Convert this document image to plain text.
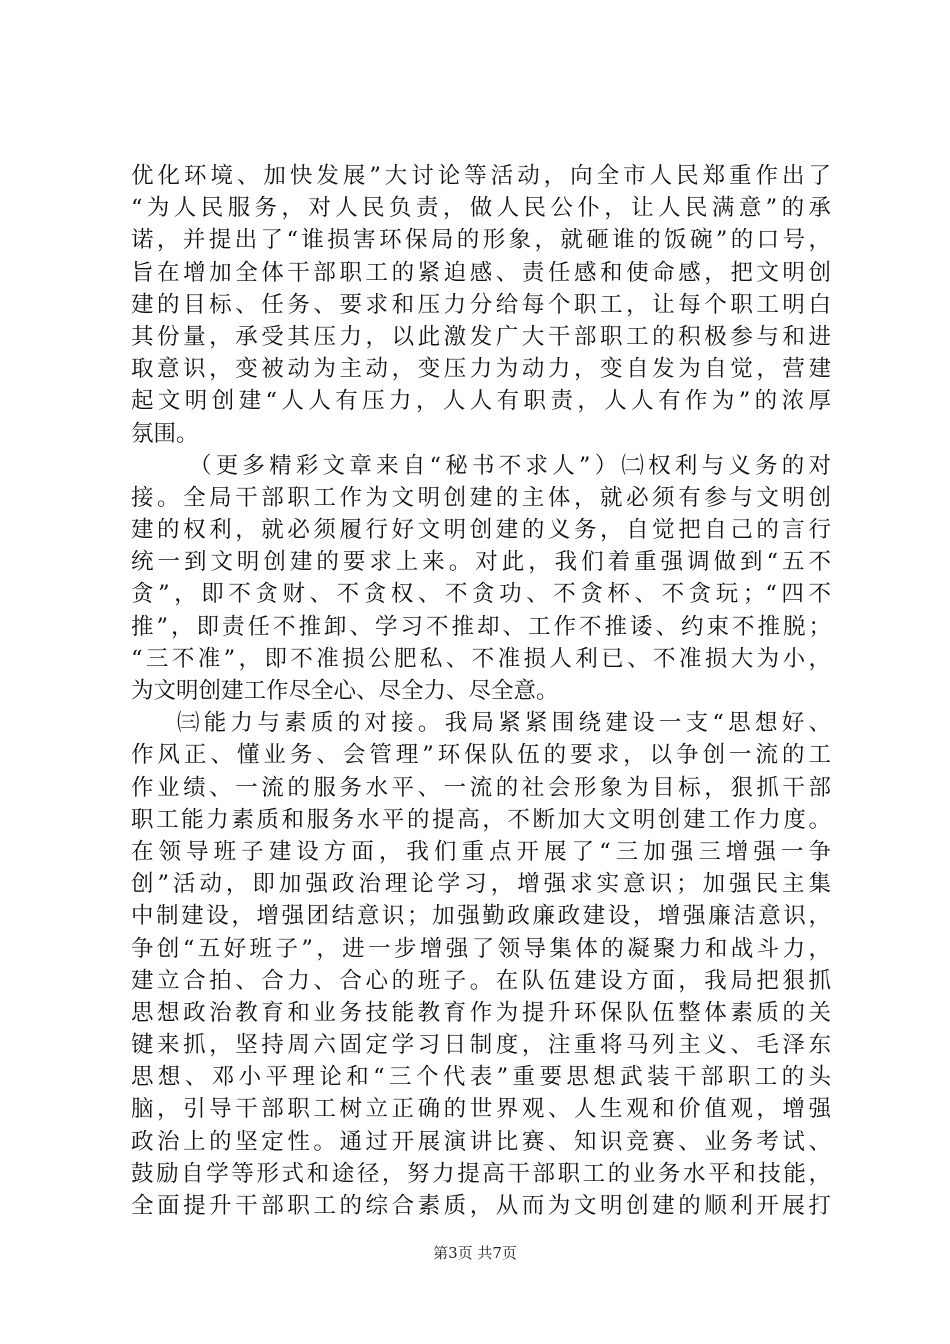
优化环境、加快发展”大讨论等活动，向全市人民郑重作出了
“为人民服务，对人民负责，做人民公仆，让人民满意”的承
诺，并提出了“谁损害环保局的形象，就砸谁的饭碗”的口号，
旨在增加全体干部职工的紧迫感、责任感和使命感，把文明创
建的目标、任务、要求和压力分给每个职工，让每个职工明白
其份量，承受其压力，以此激发广大干部职工的积极参与和进
取意识，变被动为主动，变压力为动力，变自发为自觉，营建
起文明创建“人人有压力，人人有职责，人人有作为”的浓厚
氛围。
（更多精彩文章来自“秘书不求人”）㈡权利与义务的对
接。全局干部职工作为文明创建的主体，就必须有参与文明创
建的权利，就必须履行好文明创建的义务，自觉把自己的言行
统一到文明创建的要求上来。对此，我们着重强调做到“五不
贪”，即不贪财、不贪权、不贪功、不贪杯、不贪玩；“四不
推”，即责任不推卸、学习不推却、工作不推诿、约束不推脱；
“三不准”，即不准损公肥私、不准损人利已、不准损大为小，
为文明创建工作尽全心、尽全力、尽全意。
㈢能力与素质的对接。我局紧紧围绕建设一支“思想好、
作风正、懂业务、会管理”环保队伍的要求，以争创一流的工
作业绩、一流的服务水平、一流的社会形象为目标，狠抓干部
职工能力素质和服务水平的提高，不断加大文明创建工作力度。
在领导班子建设方面，我们重点开展了“三加强三增强一争
创”活动，即加强政治理论学习，增强求实意识；加强民主集
中制建设，增强团结意识；加强勤政廉政建设，增强廉洁意识，
争创“五好班子”，进一步增强了领导集体的凝聚力和战斗力，
建立合拍、合力、合心的班子。在队伍建设方面，我局把狠抓
思想政治教育和业务技能教育作为提升环保队伍整体素质的关
键来抓，坚持周六固定学习日制度，注重将马列主义、毛泽东
思想、邓小平理论和“三个代表”重要思想武装干部职工的头
脑，引导干部职工树立正确的世界观、人生观和价值观，增强
政治上的坚定性。通过开展演讲比赛、知识竞赛、业务考试、
鼓励自学等形式和途径，努力提高干部职工的业务水平和技能，
全面提升干部职工的综合素质，从而为文明创建的顺利开展打
第3页 共7页
